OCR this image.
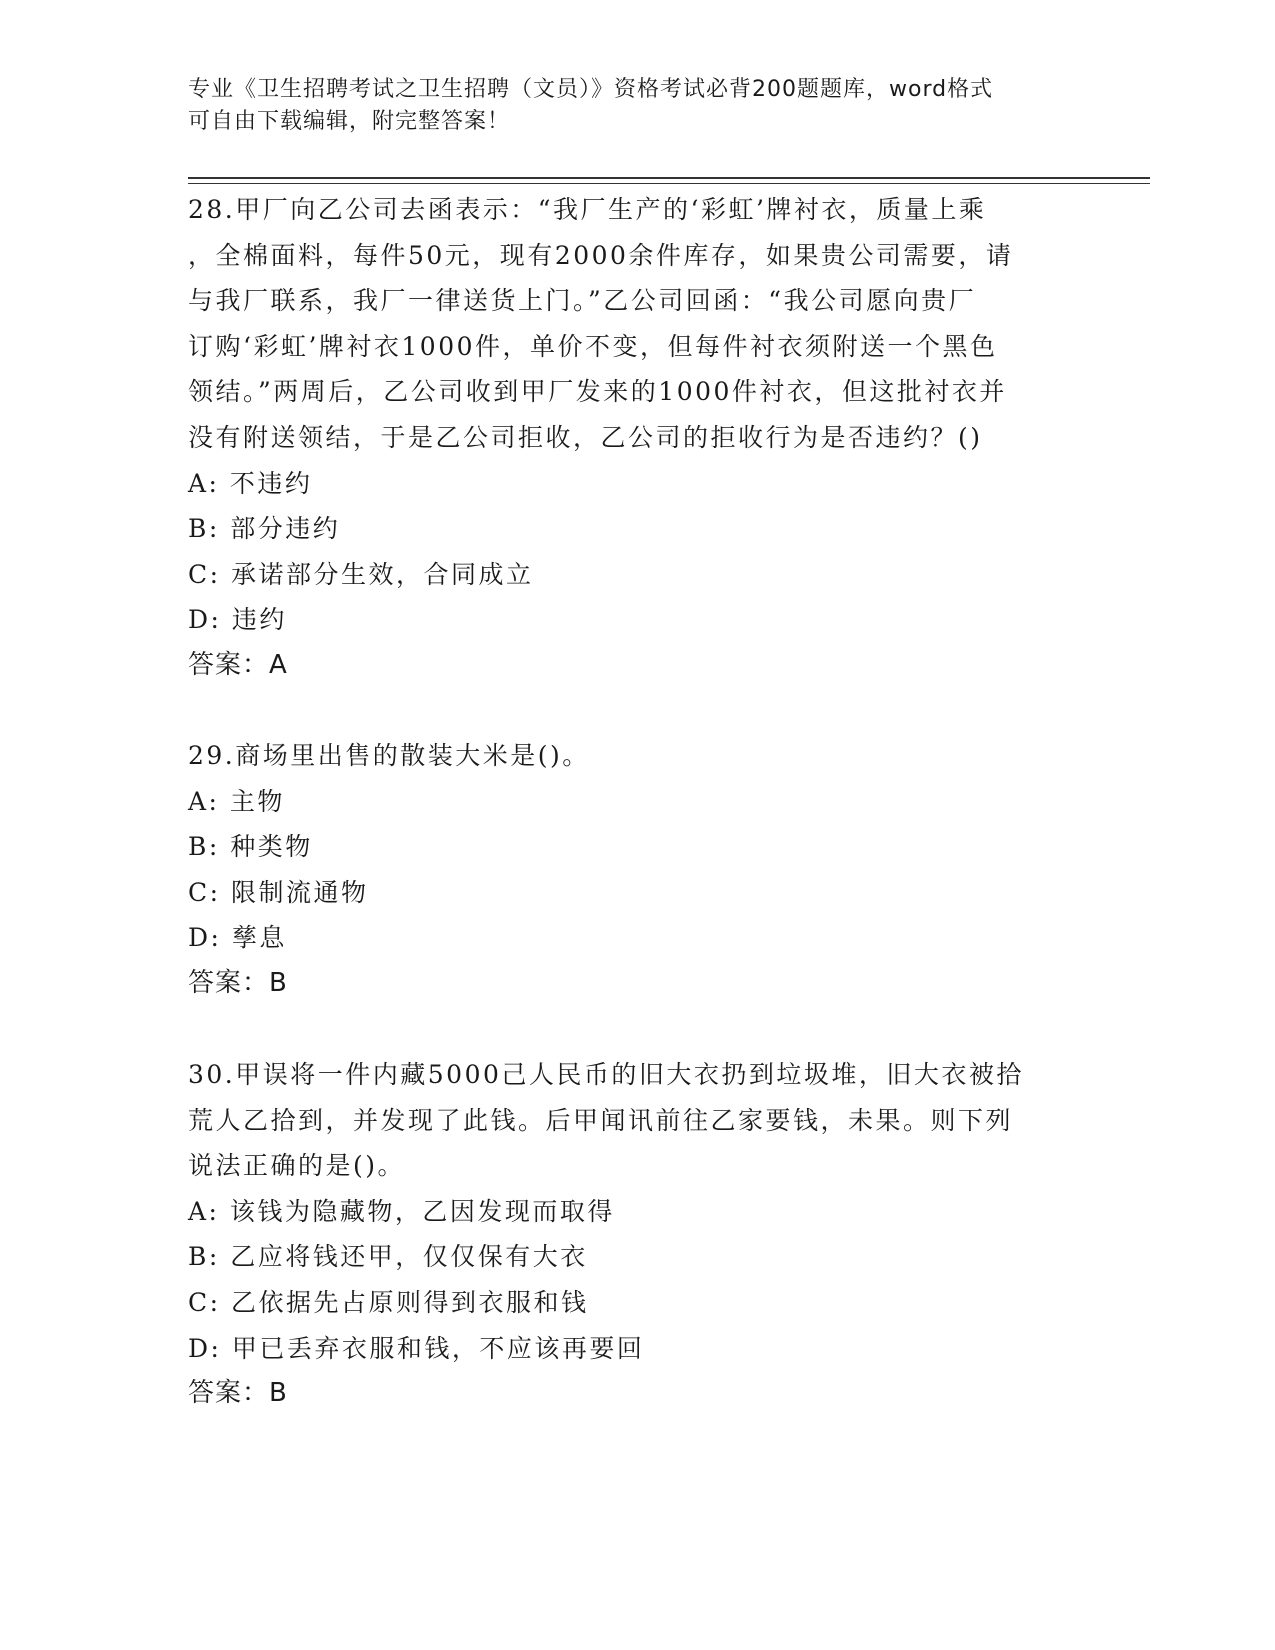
专业《卫生招聘考试之卫生招聘（文员）》资格考试必背200题题库，word格式

可自由下载编辑，附完整答案！

28.甲厂向乙公司去函表示：“我厂生产的‘彩虹’牌衬衣，质量上乘

，全棉面料，每件50元，现有2000余件库存，如果贵公司需要，请

与我厂联系，我厂一律送货上门。”乙公司回函：“我公司愿向贵厂

订购‘彩虹’牌衬衣1000件，单价不变，但每件衬衣须附送一个黑色

领结。”两周后，乙公司收到甲厂发来的1000件衬衣，但这批衬衣并

没有附送领结，于是乙公司拒收，乙公司的拒收行为是否违约？()

A: 不违约

B: 部分违约

C: 承诺部分生效，合同成立

D: 违约

答案：A

29.商场里出售的散装大米是()。

A: 主物

B: 种类物

C: 限制流通物

D: 孳息

答案：B

30.甲误将一件内藏5000己人民币的旧大衣扔到垃圾堆，旧大衣被拾

荒人乙拾到，并发现了此钱。后甲闻讯前往乙家要钱，未果。则下列

说法正确的是()。

A: 该钱为隐藏物，乙因发现而取得

B: 乙应将钱还甲，仅仅保有大衣

C: 乙依据先占原则得到衣服和钱

D: 甲已丢弃衣服和钱，不应该再要回

答案：B
